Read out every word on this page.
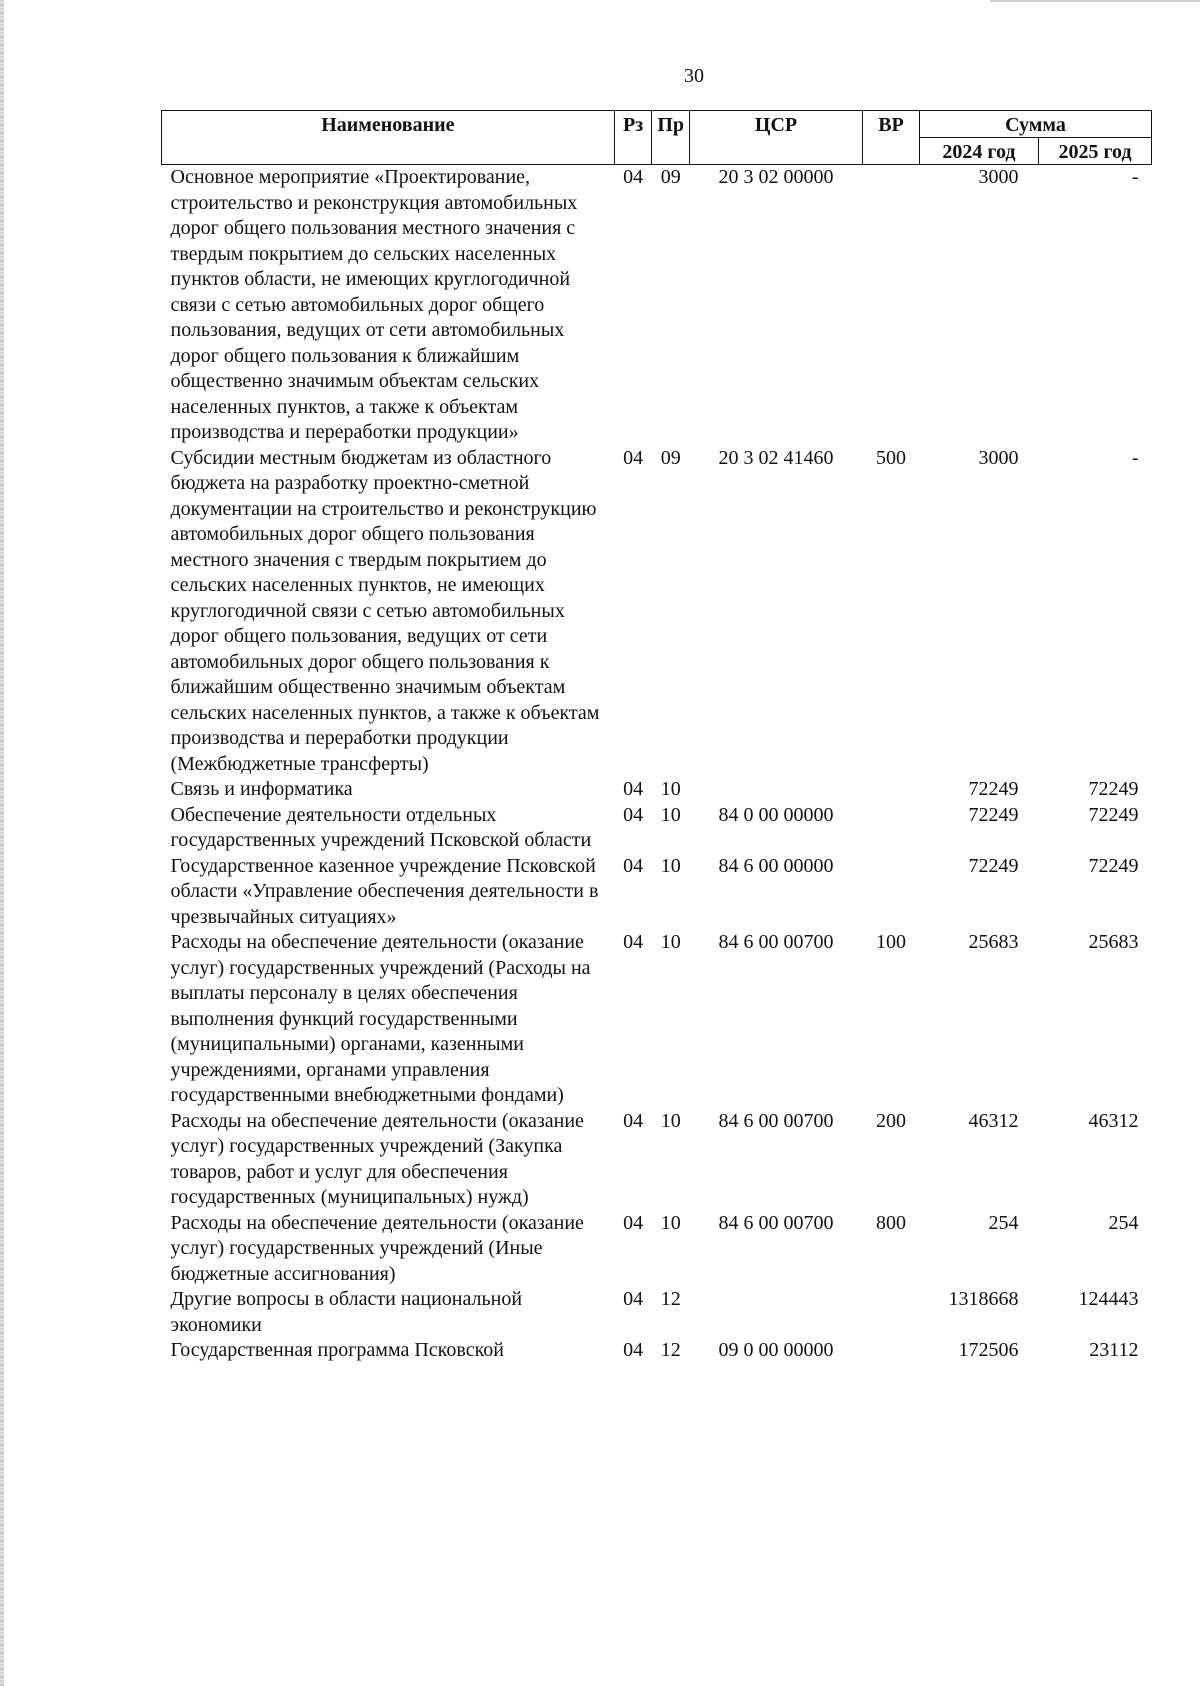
30
Наименование	Рз	Пр	ЦСР	ВР	Сумма	
					2024 год	2025 год
Основное мероприятие «Проектирование, строительство и реконструкция автомобильных дорог общего пользования местного значения с твердым покрытием до сельских населенных пунктов области, не имеющих круглогодичной связи с сетью автомобильных дорог общего пользования, ведущих от сети автомобильных дорог общего пользования к ближайшим общественно значимым объектам сельских населенных пунктов, а также к объектам производства и переработки продукции»	04	09	20 3 02 00000		3000	-
Субсидии местным бюджетам из областного бюджета на разработку проектно-сметной документации на строительство и реконструкцию автомобильных дорог общего пользования местного значения с твердым покрытием до сельских населенных пунктов, не имеющих круглогодичной связи с сетью автомобильных дорог общего пользования, ведущих от сети автомобильных дорог общего пользования к ближайшим общественно значимым объектам сельских населенных пунктов, а также к объектам производства и переработки продукции (Межбюджетные трансферты)	04	09	20 3 02 41460	500	3000	-
Связь и информатика	04	10			72249	72249
Обеспечение деятельности отдельных государственных учреждений Псковской области	04	10	84 0 00 00000		72249	72249
Государственное казенное учреждение Псковской области «Управление обеспечения деятельности в чрезвычайных ситуациях»	04	10	84 6 00 00000		72249	72249
Расходы на обеспечение деятельности (оказание услуг) государственных учреждений (Расходы на выплаты персоналу в целях обеспечения выполнения функций государственными (муниципальными) органами, казенными учреждениями, органами управления государственными внебюджетными фондами)	04	10	84 6 00 00700	100	25683	25683
Расходы на обеспечение деятельности (оказание услуг) государственных учреждений (Закупка товаров, работ и услуг для обеспечения государственных (муниципальных) нужд)	04	10	84 6 00 00700	200	46312	46312
Расходы на обеспечение деятельности (оказание услуг) государственных учреждений (Иные бюджетные ассигнования)	04	10	84 6 00 00700	800	254	254
Другие вопросы в области национальной экономики	04	12			1318668	124443
Государственная программа Псковской	04	12	09 0 00 00000		172506	23112
